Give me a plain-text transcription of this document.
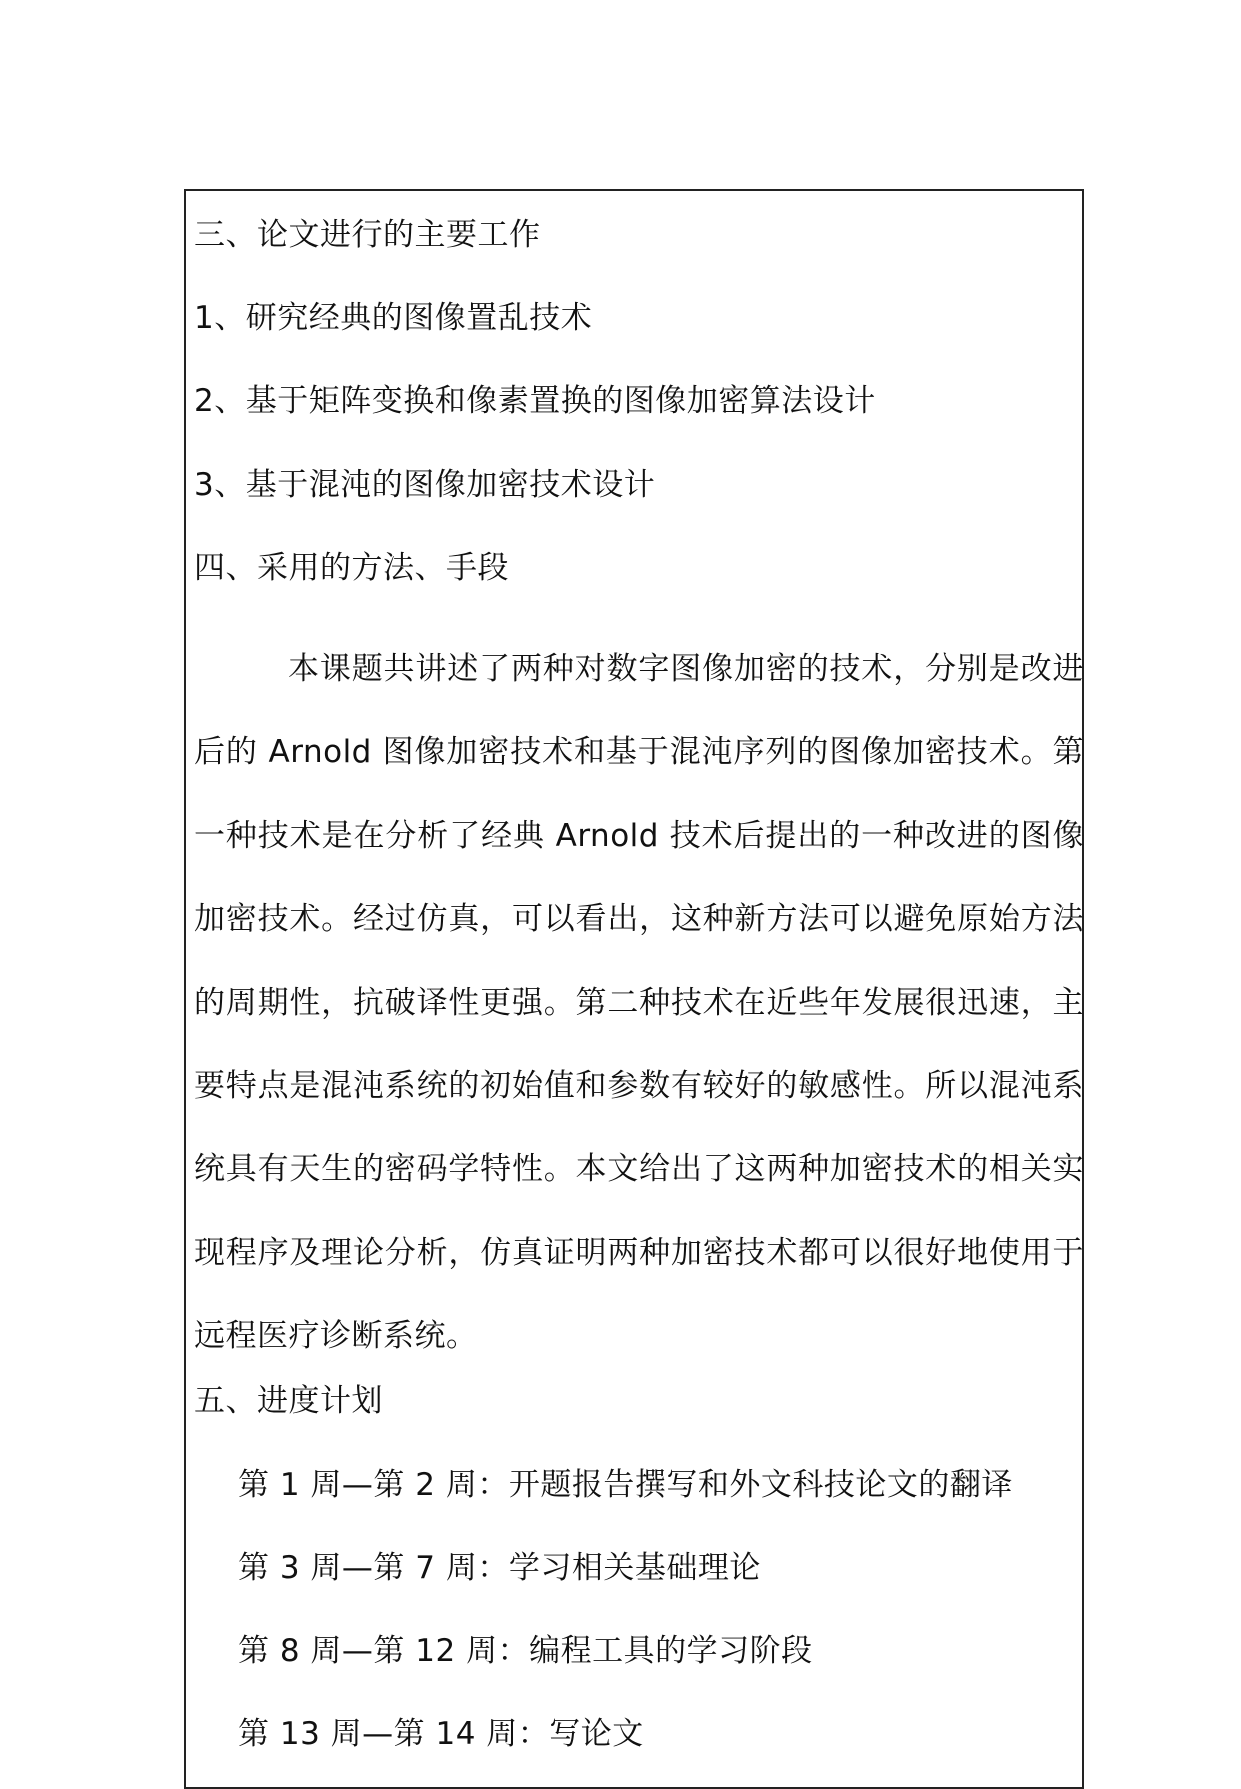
三、论文进行的主要工作
1、研究经典的图像置乱技术
2、基于矩阵变换和像素置换的图像加密算法设计
3、基于混沌的图像加密技术设计
四、采用的方法、手段

本课题共讲述了两种对数字图像加密的技术，分别是改进后的 Arnold 图像加密技术和基于混沌序列的图像加密技术。第一种技术是在分析了经典 Arnold 技术后提出的一种改进的图像加密技术。经过仿真，可以看出，这种新方法可以避免原始方法的周期性，抗破译性更强。第二种技术在近些年发展很迅速，主要特点是混沌系统的初始值和参数有较好的敏感性。所以混沌系统具有天生的密码学特性。本文给出了这两种加密技术的相关实现程序及理论分析，仿真证明两种加密技术都可以很好地使用于远程医疗诊断系统。

五、进度计划
第 1 周—第 2 周：开题报告撰写和外文科技论文的翻译
第 3 周—第 7 周：学习相关基础理论
第 8 周—第 12 周：编程工具的学习阶段
第 13 周—第 14 周：写论文
